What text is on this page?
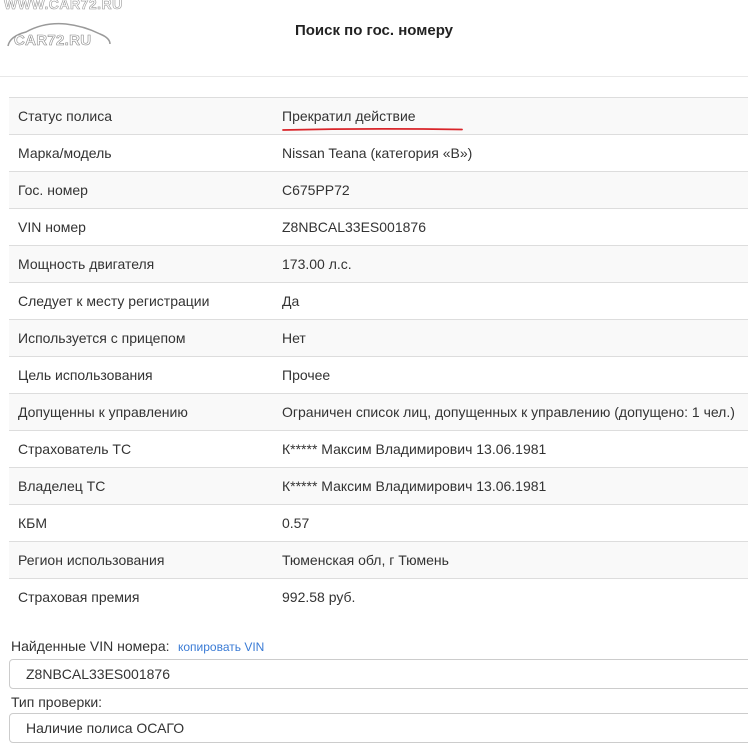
WWW.CAR72.RU
CAR72.RU
Поиск по гос. номеру
Статус полиса	Прекратил действие
Марка/модель	Nissan Teana (категория «B»)
Гос. номер	С675РР72
VIN номер	Z8NBCAL33ES001876
Мощность двигателя	173.00 л.с.
Следует к месту регистрации	Да
Используется с прицепом	Нет
Цель использования	Прочее
Допущенны к управлению	Ограничен список лиц, допущенных к управлению (допущено: 1 чел.)
Страхователь ТС	К***** Максим Владимирович 13.06.1981
Владелец ТС	К***** Максим Владимирович 13.06.1981
КБМ	0.57
Регион использования	Тюменская обл, г Тюмень
Страховая премия	992.58 руб.
Найденные VIN номера: копировать VIN
Z8NBCAL33ES001876
Тип проверки:
Наличие полиса ОСАГО
